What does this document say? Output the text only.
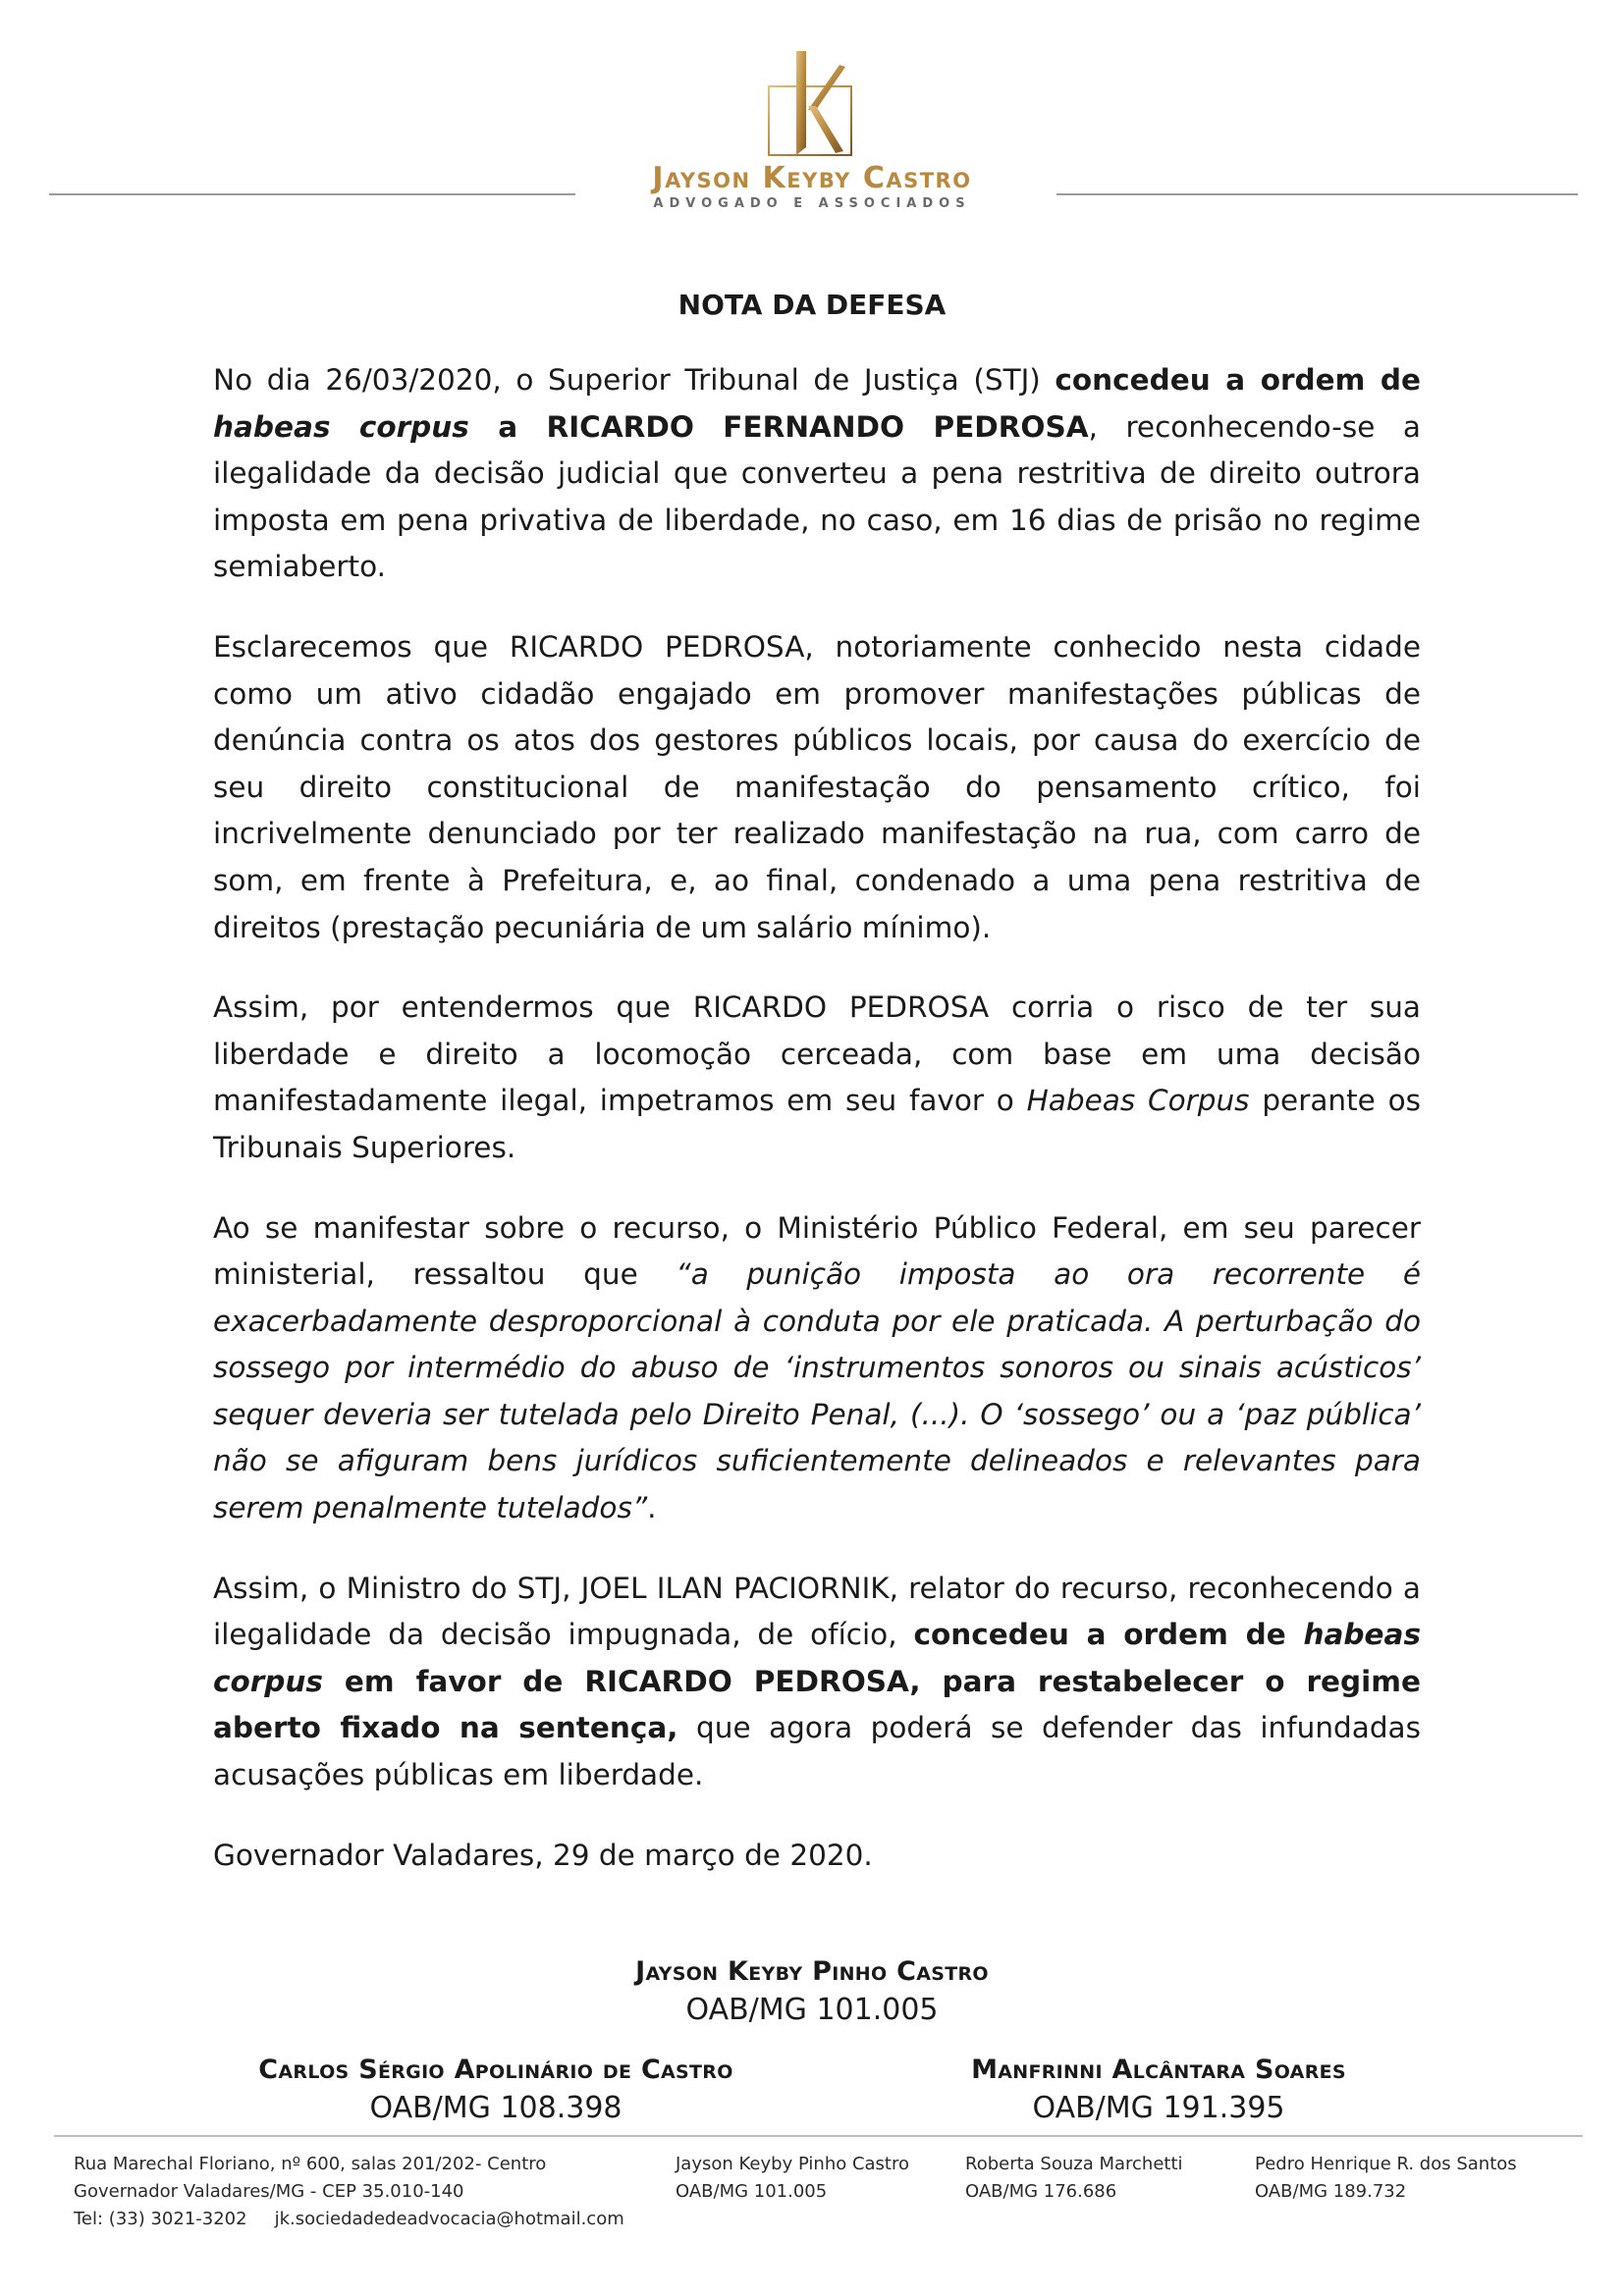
Jayson Keyby Castro
ADVOGADO E ASSOCIADOS
NOTA DA DEFESA

No dia 26/03/2020, o Superior Tribunal de Justiça (STJ) concedeu a ordem de habeas corpus a RICARDO FERNANDO PEDROSA, reconhecendo-se a ilegalidade da decisão judicial que converteu a pena restritiva de direito outrora imposta em pena privativa de liberdade, no caso, em 16 dias de prisão no regime semiaberto.

Esclarecemos que RICARDO PEDROSA, notoriamente conhecido nesta cidade como um ativo cidadão engajado em promover manifestações públicas de denúncia contra os atos dos gestores públicos locais, por causa do exercício de seu direito constitucional de manifestação do pensamento crítico, foi incrivelmente denunciado por ter realizado manifestação na rua, com carro de som, em frente à Prefeitura, e, ao final, condenado a uma pena restritiva de direitos (prestação pecuniária de um salário mínimo).

Assim, por entendermos que RICARDO PEDROSA corria o risco de ter sua liberdade e direito a locomoção cerceada, com base em uma decisão manifestadamente ilegal, impetramos em seu favor o Habeas Corpus perante os Tribunais Superiores.

Ao se manifestar sobre o recurso, o Ministério Público Federal, em seu parecer ministerial, ressaltou que “a punição imposta ao ora recorrente é exacerbadamente desproporcional à conduta por ele praticada. A perturbação do sossego por intermédio do abuso de ‘instrumentos sonoros ou sinais acústicos’ sequer deveria ser tutelada pelo Direito Penal, (...). O ‘sossego’ ou a ‘paz pública’ não se afiguram bens jurídicos suficientemente delineados e relevantes para serem penalmente tutelados”.

Assim, o Ministro do STJ, JOEL ILAN PACIORNIK, relator do recurso, reconhecendo a ilegalidade da decisão impugnada, de ofício, concedeu a ordem de habeas corpus em favor de RICARDO PEDROSA, para restabelecer o regime aberto fixado na sentença, que agora poderá se defender das infundadas acusações públicas em liberdade.

Governador Valadares, 29 de março de 2020.

Jayson Keyby Pinho Castro
OAB/MG 101.005
Carlos Sérgio Apolinário de Castro
OAB/MG 108.398
Manfrinni Alcântara Soares
OAB/MG 191.395
Rua Marechal Floriano, nº 600, salas 201/202- Centro
Governador Valadares/MG - CEP 35.010-140
Tel: (33) 3021-3202 jk.sociedadedeadvocacia@hotmail.com
Jayson Keyby Pinho Castro
OAB/MG 101.005
Roberta Souza Marchetti
OAB/MG 176.686
Pedro Henrique R. dos Santos
OAB/MG 189.732
